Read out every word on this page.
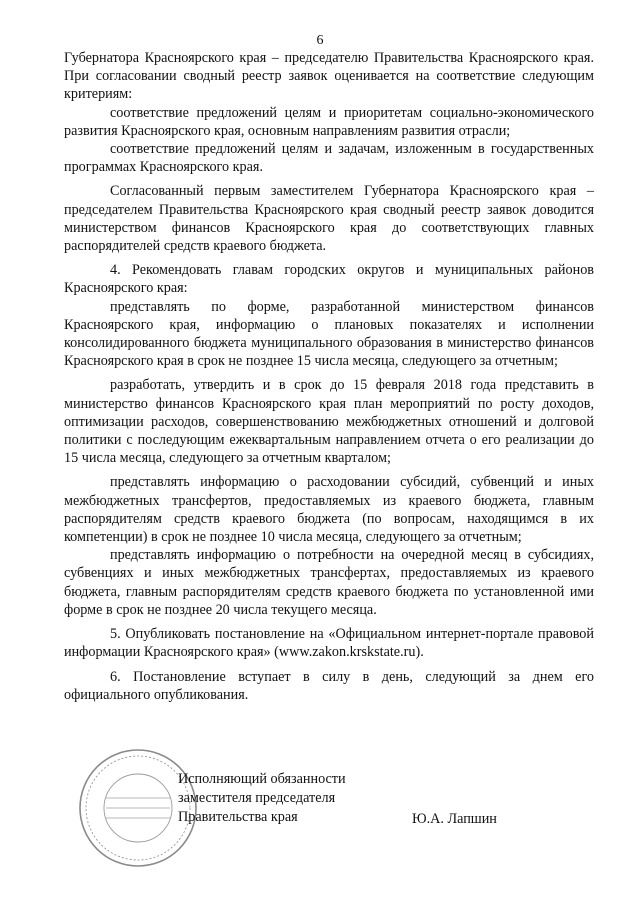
6

Губернатора Красноярского края – председателю Правительства Красноярского края. При согласовании сводный реестр заявок оценивается на соответствие следующим критериям:

соответствие предложений целям и приоритетам социально-экономического развития Красноярского края, основным направлениям развития отрасли;

соответствие предложений целям и задачам, изложенным в государственных программах Красноярского края.

Согласованный первым заместителем Губернатора Красноярского края – председателем Правительства Красноярского края сводный реестр заявок доводится министерством финансов Красноярского края до соответствующих главных распорядителей средств краевого бюджета.

4. Рекомендовать главам городских округов и муниципальных районов Красноярского края:

представлять по форме, разработанной министерством финансов Красноярского края, информацию о плановых показателях и исполнении консолидированного бюджета муниципального образования в министерство финансов Красноярского края в срок не позднее 15 числа месяца, следующего за отчетным;

разработать, утвердить и в срок до 15 февраля 2018 года представить в министерство финансов Красноярского края план мероприятий по росту доходов, оптимизации расходов, совершенствованию межбюджетных отношений и долговой политики с последующим ежеквартальным направлением отчета о его реализации до 15 числа месяца, следующего за отчетным кварталом;

представлять информацию о расходовании субсидий, субвенций и иных межбюджетных трансфертов, предоставляемых из краевого бюджета, главным распорядителям средств краевого бюджета (по вопросам, находящимся в их компетенции) в срок не позднее 10 числа месяца, следующего за отчетным;

представлять информацию о потребности на очередной месяц в субсидиях, субвенциях и иных межбюджетных трансфертах, предоставляемых из краевого бюджета, главным распорядителям средств краевого бюджета по установленной ими форме в срок не позднее 20 числа текущего месяца.

5. Опубликовать постановление на «Официальном интернет-портале правовой информации Красноярского края» (www.zakon.krskstate.ru).

6. Постановление вступает в силу в день, следующий за днем его официального опубликования.

Исполняющий обязанности
заместителя председателя
Правительства края	Ю.А. Лапшин
